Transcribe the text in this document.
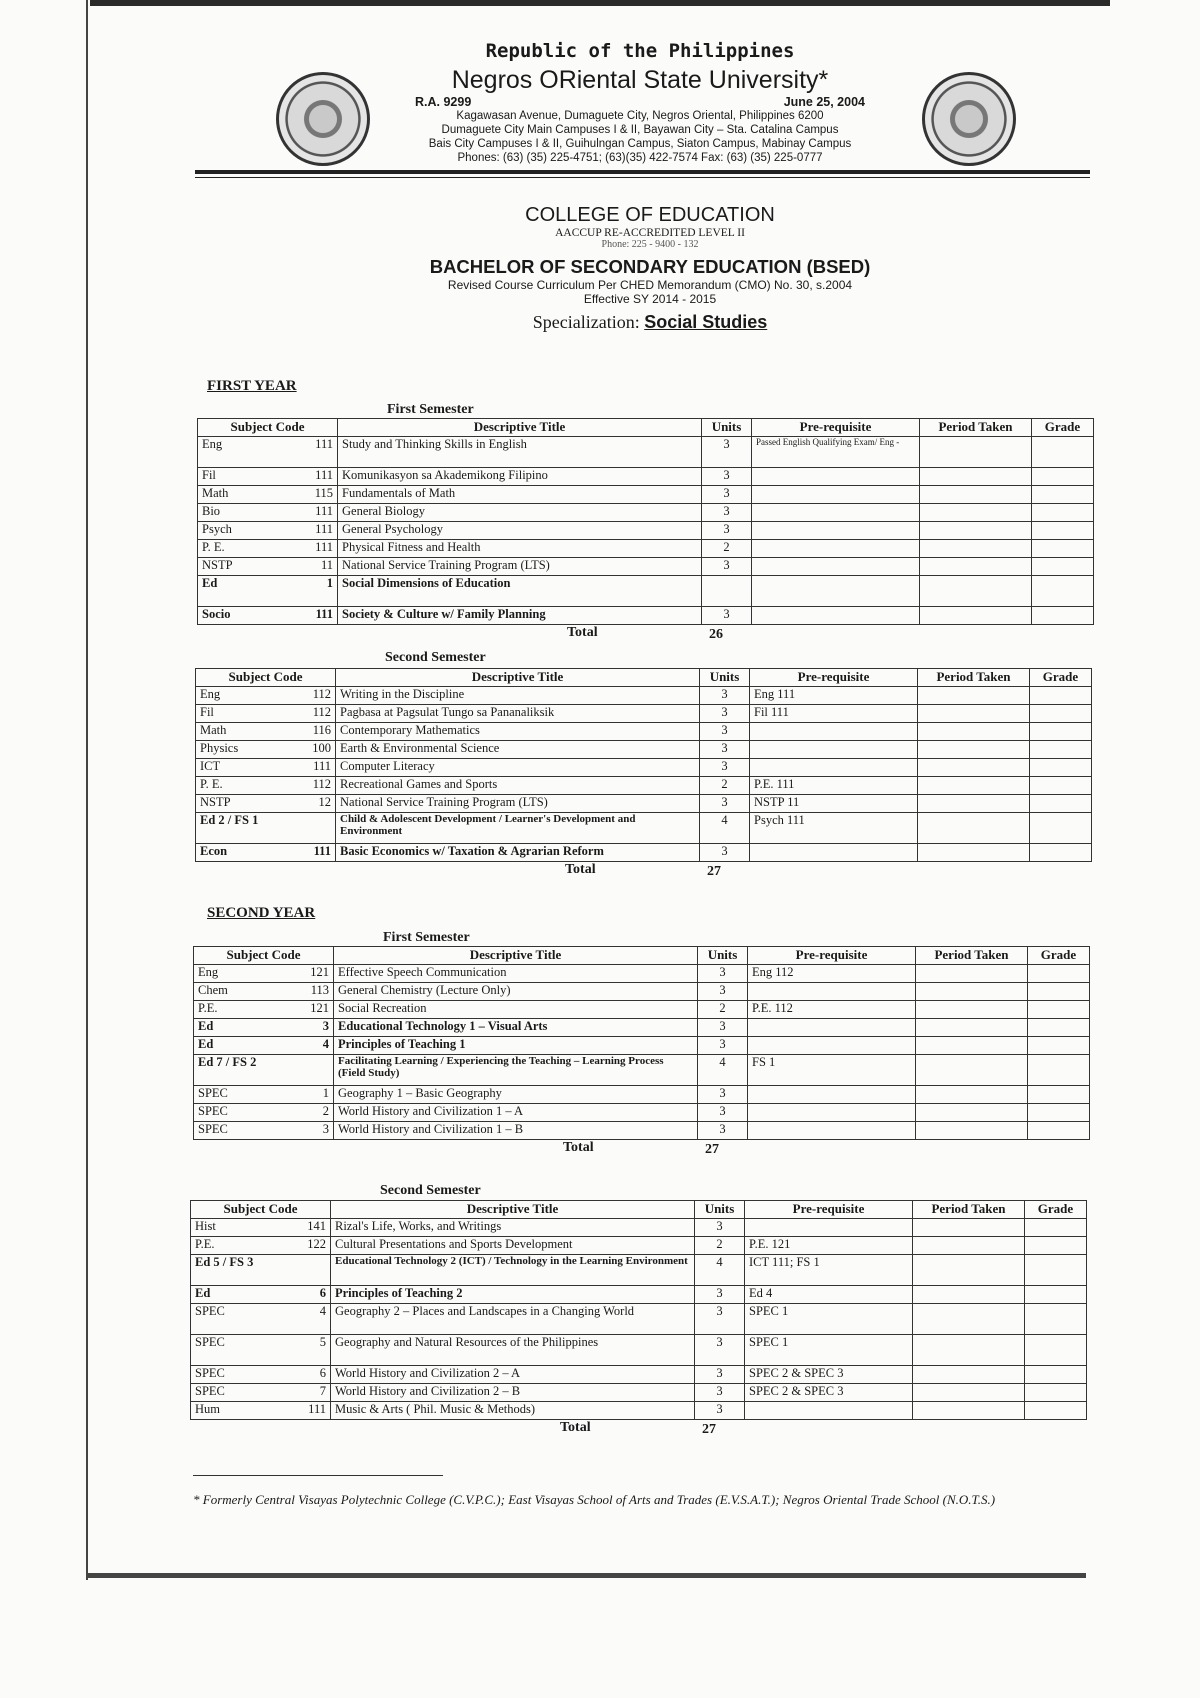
Republic of the Philippines
Negros ORiental State University*
R.A. 9299	June 25, 2004
Kagawasan Avenue, Dumaguete City, Negros Oriental, Philippines 6200
Dumaguete City Main Campuses I & II, Bayawan City – Sta. Catalina Campus
Bais City Campuses I & II, Guihulngan Campus, Siaton Campus, Mabinay Campus
Phones: (63) (35) 225-4751; (63)(35) 422-7574 Fax: (63) (35) 225-0777
COLLEGE OF EDUCATION
AACCUP RE-ACCREDITED LEVEL II
Phone: 225 - 9400 - 132
BACHELOR OF SECONDARY EDUCATION (BSED)
Revised Course Curriculum Per CHED Memorandum (CMO) No. 30, s.2004
Effective SY 2014 - 2015
Specialization: Social Studies
FIRST YEAR
First Semester
Subject Code	Descriptive Title	Units	Pre-requisite	Period Taken	Grade

Eng 111	Study and Thinking Skills in English	3	Passed English Qualifying Exam/ Eng -		

Fil 111	Komunikasyon sa Akademikong Filipino	3			

Math 115	Fundamentals of Math	3			

Bio 111	General Biology	3			

Psych 111	General Psychology	3			

P. E. 111	Physical Fitness and Health	2			

NSTP 11	National Service Training Program (LTS)	3			

Ed 1	Social Dimensions of Education				

Socio 111	Society & Culture w/ Family Planning	3			
Total	26
Second Semester
Subject Code	Descriptive Title	Units	Pre-requisite	Period Taken	Grade

Eng 112	Writing in the Discipline	3	Eng 111		

Fil 112	Pagbasa at Pagsulat Tungo sa Pananaliksik	3	Fil 111		

Math 116	Contemporary Mathematics	3			

Physics 100	Earth & Environmental Science	3			

ICT 111	Computer Literacy	3			

P. E. 112	Recreational Games and Sports	2	P.E. 111		

NSTP 12	National Service Training Program (LTS)	3	NSTP 11		

Ed 2 / FS 1	Child & Adolescent Development / Learner's Development and Environment	4	Psych 111		

Econ 111	Basic Economics w/ Taxation & Agrarian Reform	3			
Total	27
SECOND YEAR
First Semester
Subject Code	Descriptive Title	Units	Pre-requisite	Period Taken	Grade

Eng 121	Effective Speech Communication	3	Eng 112		

Chem 113	General Chemistry (Lecture Only)	3			

P.E. 121	Social Recreation	2	P.E. 112		

Ed 3	Educational Technology 1 – Visual Arts	3			

Ed 4	Principles of Teaching 1	3			

Ed 7 / FS 2	Facilitating Learning / Experiencing the Teaching – Learning Process (Field Study)	4	FS 1		

SPEC 1	Geography 1 – Basic Geography	3			

SPEC 2	World History and Civilization 1 – A	3			

SPEC 3	World History and Civilization 1 – B	3			
Total	27
Second Semester
Subject Code	Descriptive Title	Units	Pre-requisite	Period Taken	Grade

Hist 141	Rizal's Life, Works, and Writings	3			

P.E. 122	Cultural Presentations and Sports Development	2	P.E. 121		

Ed 5 / FS 3	Educational Technology 2 (ICT) / Technology in the Learning Environment	4	ICT 111; FS 1		

Ed 6	Principles of Teaching 2	3	Ed 4		

SPEC 4	Geography 2 – Places and Landscapes in a Changing World	3	SPEC 1		

SPEC 5	Geography and Natural Resources of the Philippines	3	SPEC 1		

SPEC 6	World History and Civilization 2 – A	3	SPEC 2 & SPEC 3		

SPEC 7	World History and Civilization 2 – B	3	SPEC 2 & SPEC 3		

Hum 111	Music & Arts ( Phil. Music & Methods)	3			
Total	27
* Formerly Central Visayas Polytechnic College (C.V.P.C.); East Visayas School of Arts and Trades (E.V.S.A.T.); Negros Oriental Trade School (N.O.T.S.)
